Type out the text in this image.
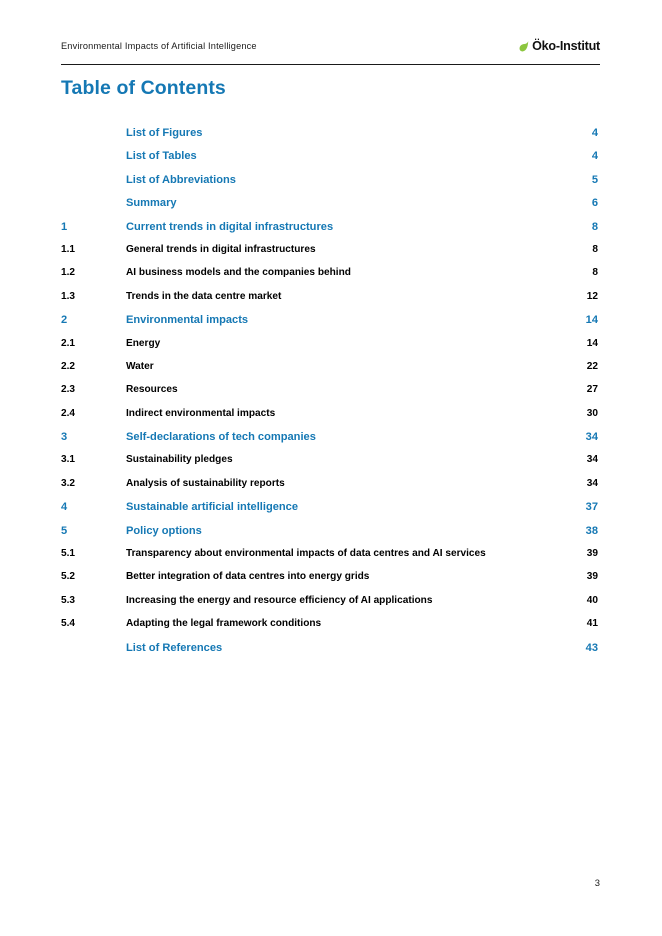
Environmental Impacts of Artificial Intelligence	Öko-Institut
Table of Contents
List of Figures	4
List of Tables	4
List of Abbreviations	5
Summary	6
1	Current trends in digital infrastructures	8
1.1	General trends in digital infrastructures	8
1.2	AI business models and the companies behind	8
1.3	Trends in the data centre market	12
2	Environmental impacts	14
2.1	Energy	14
2.2	Water	22
2.3	Resources	27
2.4	Indirect environmental impacts	30
3	Self-declarations of tech companies	34
3.1	Sustainability pledges	34
3.2	Analysis of sustainability reports	34
4	Sustainable artificial intelligence	37
5	Policy options	38
5.1	Transparency about environmental impacts of data centres and AI services	39
5.2	Better integration of data centres into energy grids	39
5.3	Increasing the energy and resource efficiency of AI applications	40
5.4	Adapting the legal framework conditions	41
List of References	43
3
